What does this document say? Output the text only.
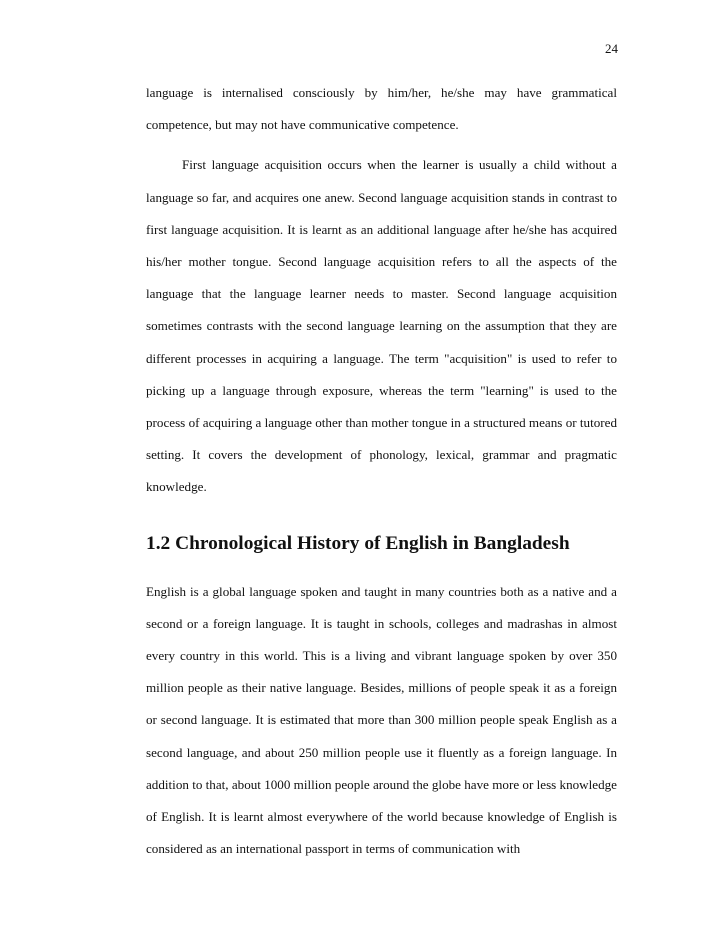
24

language is internalised consciously by him/her, he/she may have grammatical competence, but may not have communicative competence.

First language acquisition occurs when the learner is usually a child without a language so far, and acquires one anew. Second language acquisition stands in contrast to first language acquisition. It is learnt as an additional language after he/she has acquired his/her mother tongue. Second language acquisition refers to all the aspects of the language that the language learner needs to master. Second language acquisition sometimes contrasts with the second language learning on the assumption that they are different processes in acquiring a language. The term "acquisition" is used to refer to picking up a language through exposure, whereas the term "learning" is used to the process of acquiring a language other than mother tongue in a structured means or tutored setting. It covers the development of phonology, lexical, grammar and pragmatic knowledge.

1.2 Chronological History of English in Bangladesh

English is a global language spoken and taught in many countries both as a native and a second or a foreign language. It is taught in schools, colleges and madrashas in almost every country in this world. This is a living and vibrant language spoken by over 350 million people as their native language. Besides, millions of people speak it as a foreign or second language. It is estimated that more than 300 million people speak English as a second language, and about 250 million people use it fluently as a foreign language. In addition to that, about 1000 million people around the globe have more or less knowledge of English. It is learnt almost everywhere of the world because knowledge of English is considered as an international passport in terms of communication with
